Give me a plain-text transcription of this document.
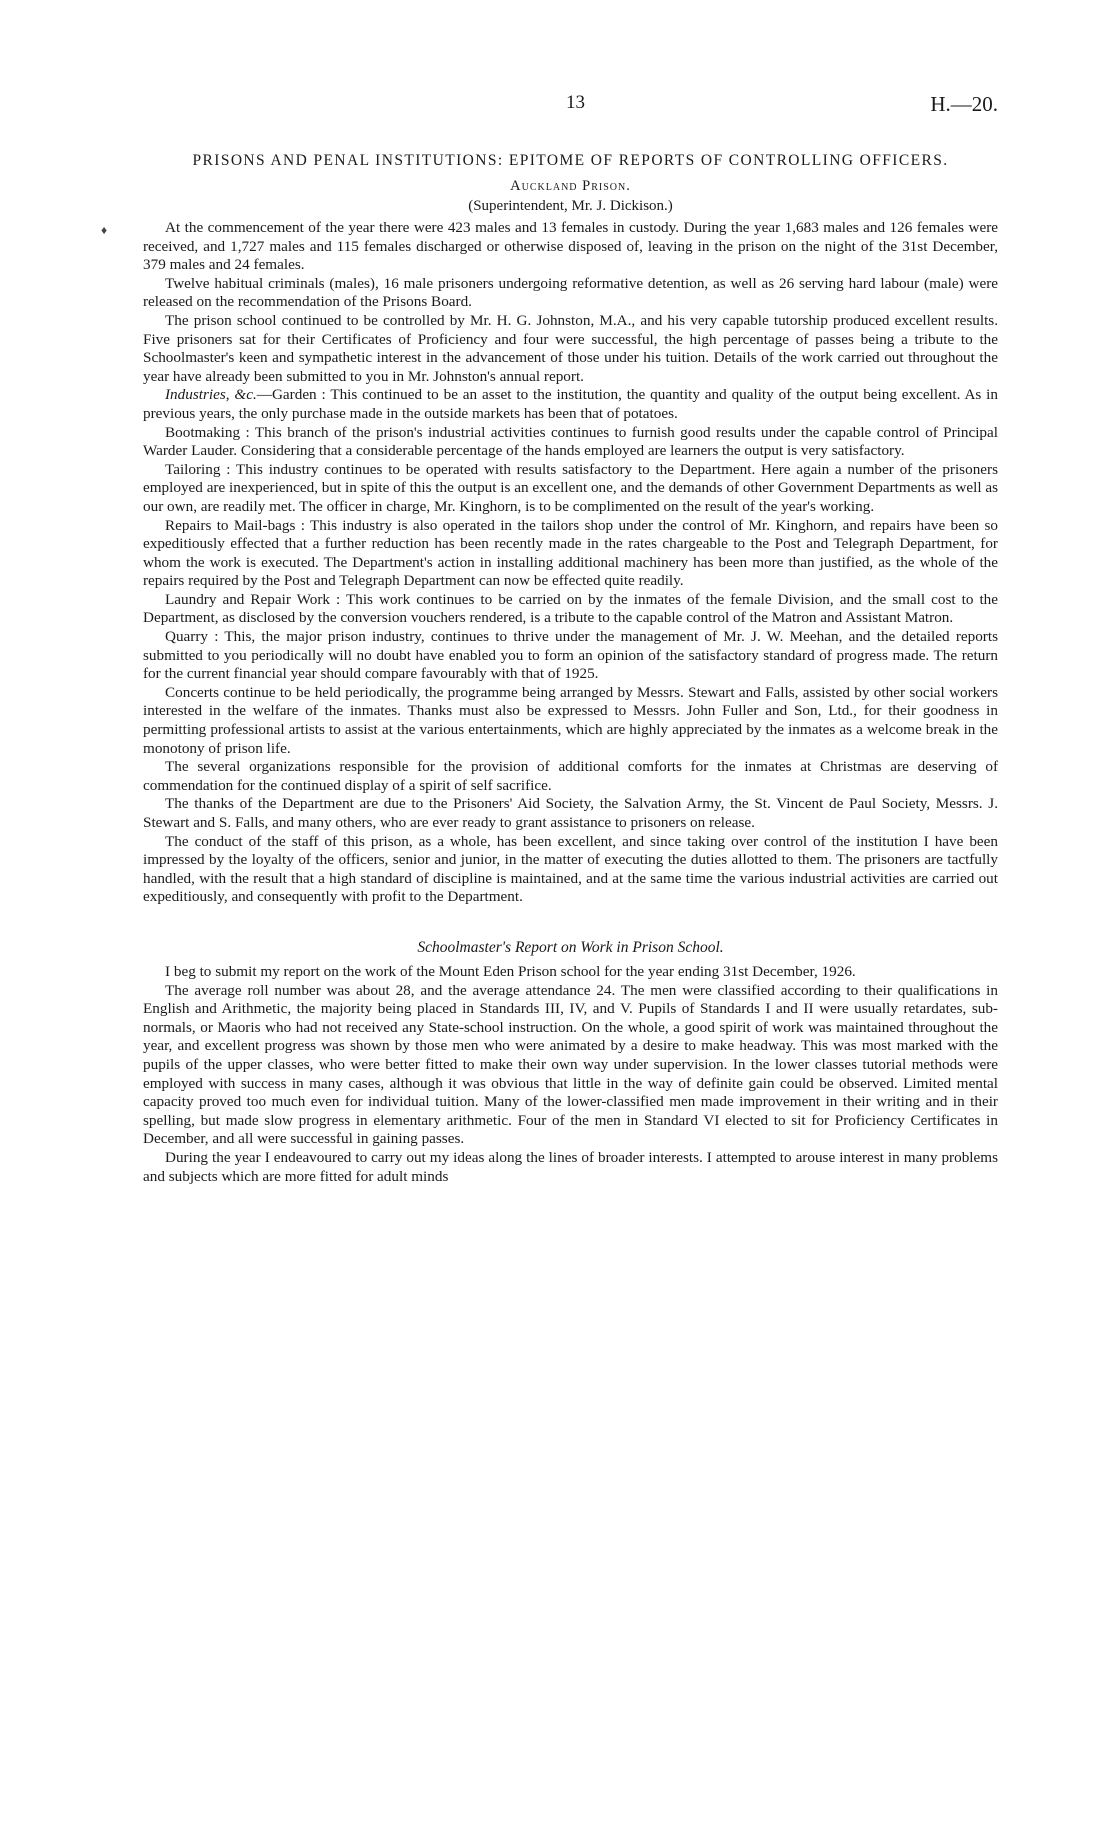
♦
13	H.—20.
PRISONS AND PENAL INSTITUTIONS: EPITOME OF REPORTS OF CONTROLLING OFFICERS.
Auckland Prison.
(Superintendent, Mr. J. Dickison.)

At the commencement of the year there were 423 males and 13 females in custody. During the year 1,683 males and 126 females were received, and 1,727 males and 115 females discharged or otherwise disposed of, leaving in the prison on the night of the 31st December, 379 males and 24 females.

Twelve habitual criminals (males), 16 male prisoners undergoing reformative detention, as well as 26 serving hard labour (male) were released on the recommendation of the Prisons Board.

The prison school continued to be controlled by Mr. H. G. Johnston, M.A., and his very capable tutorship produced excellent results. Five prisoners sat for their Certificates of Proficiency and four were successful, the high percentage of passes being a tribute to the Schoolmaster's keen and sympathetic interest in the advancement of those under his tuition. Details of the work carried out throughout the year have already been submitted to you in Mr. Johnston's annual report.

Industries, &c.—Garden : This continued to be an asset to the institution, the quantity and quality of the output being excellent. As in previous years, the only purchase made in the outside markets has been that of potatoes.

Bootmaking : This branch of the prison's industrial activities continues to furnish good results under the capable control of Principal Warder Lauder. Considering that a considerable percentage of the hands employed are learners the output is very satisfactory.

Tailoring : This industry continues to be operated with results satisfactory to the Department. Here again a number of the prisoners employed are inexperienced, but in spite of this the output is an excellent one, and the demands of other Government Departments as well as our own, are readily met. The officer in charge, Mr. Kinghorn, is to be complimented on the result of the year's working.

Repairs to Mail-bags : This industry is also operated in the tailors shop under the control of Mr. Kinghorn, and repairs have been so expeditiously effected that a further reduction has been recently made in the rates chargeable to the Post and Telegraph Department, for whom the work is executed. The Department's action in installing additional machinery has been more than justified, as the whole of the repairs required by the Post and Telegraph Department can now be effected quite readily.

Laundry and Repair Work : This work continues to be carried on by the inmates of the female Division, and the small cost to the Department, as disclosed by the conversion vouchers rendered, is a tribute to the capable control of the Matron and Assistant Matron.

Quarry : This, the major prison industry, continues to thrive under the management of Mr. J. W. Meehan, and the detailed reports submitted to you periodically will no doubt have enabled you to form an opinion of the satisfactory standard of progress made. The return for the current financial year should compare favourably with that of 1925.

Concerts continue to be held periodically, the programme being arranged by Messrs. Stewart and Falls, assisted by other social workers interested in the welfare of the inmates. Thanks must also be expressed to Messrs. John Fuller and Son, Ltd., for their goodness in permitting professional artists to assist at the various entertainments, which are highly appreciated by the inmates as a welcome break in the monotony of prison life.

The several organizations responsible for the provision of additional comforts for the inmates at Christmas are deserving of commendation for the continued display of a spirit of self sacrifice.

The thanks of the Department are due to the Prisoners' Aid Society, the Salvation Army, the St. Vincent de Paul Society, Messrs. J. Stewart and S. Falls, and many others, who are ever ready to grant assistance to prisoners on release.

The conduct of the staff of this prison, as a whole, has been excellent, and since taking over control of the institution I have been impressed by the loyalty of the officers, senior and junior, in the matter of executing the duties allotted to them. The prisoners are tactfully handled, with the result that a high standard of discipline is maintained, and at the same time the various industrial activities are carried out expeditiously, and consequently with profit to the Department.

Schoolmaster's Report on Work in Prison School.

I beg to submit my report on the work of the Mount Eden Prison school for the year ending 31st December, 1926.

The average roll number was about 28, and the average attendance 24. The men were classified according to their qualifications in English and Arithmetic, the majority being placed in Standards III, IV, and V. Pupils of Standards I and II were usually retardates, sub-normals, or Maoris who had not received any State-school instruction. On the whole, a good spirit of work was maintained throughout the year, and excellent progress was shown by those men who were animated by a desire to make headway. This was most marked with the pupils of the upper classes, who were better fitted to make their own way under supervision. In the lower classes tutorial methods were employed with success in many cases, although it was obvious that little in the way of definite gain could be observed. Limited mental capacity proved too much even for individual tuition. Many of the lower-classified men made improvement in their writing and in their spelling, but made slow progress in elementary arithmetic. Four of the men in Standard VI elected to sit for Proficiency Certificates in December, and all were successful in gaining passes.

During the year I endeavoured to carry out my ideas along the lines of broader interests. I attempted to arouse interest in many problems and subjects which are more fitted for adult minds
